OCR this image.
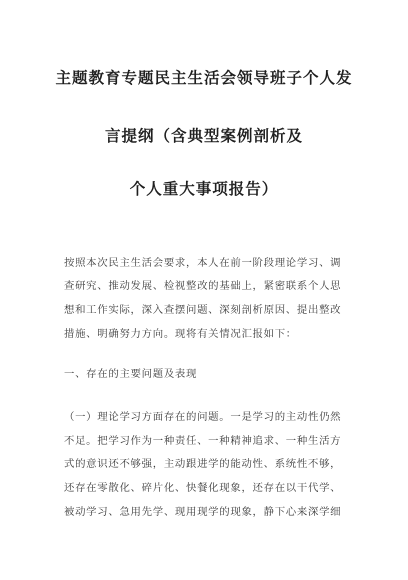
主题教育专题民主生活会领导班子个人发
言提纲（含典型案例剖析及
个人重大事项报告）
按照本次民主生活会要求，本人在前一阶段理论学习、调
查研究、推动发展、检视整改的基础上，紧密联系个人思
想和工作实际，深入查摆问题、深刻剖析原因、提出整改
措施、明确努力方向。现将有关情况汇报如下：
一、存在的主要问题及表现
（一）理论学习方面存在的问题。一是学习的主动性仍然
不足。把学习作为一种责任、一种精神追求、一种生活方
式的意识还不够强，主动跟进学的能动性、系统性不够，
还存在零散化、碎片化、快餐化现象，还存在以干代学、
被动学习、急用先学、现用现学的现象，静下心来深学细
